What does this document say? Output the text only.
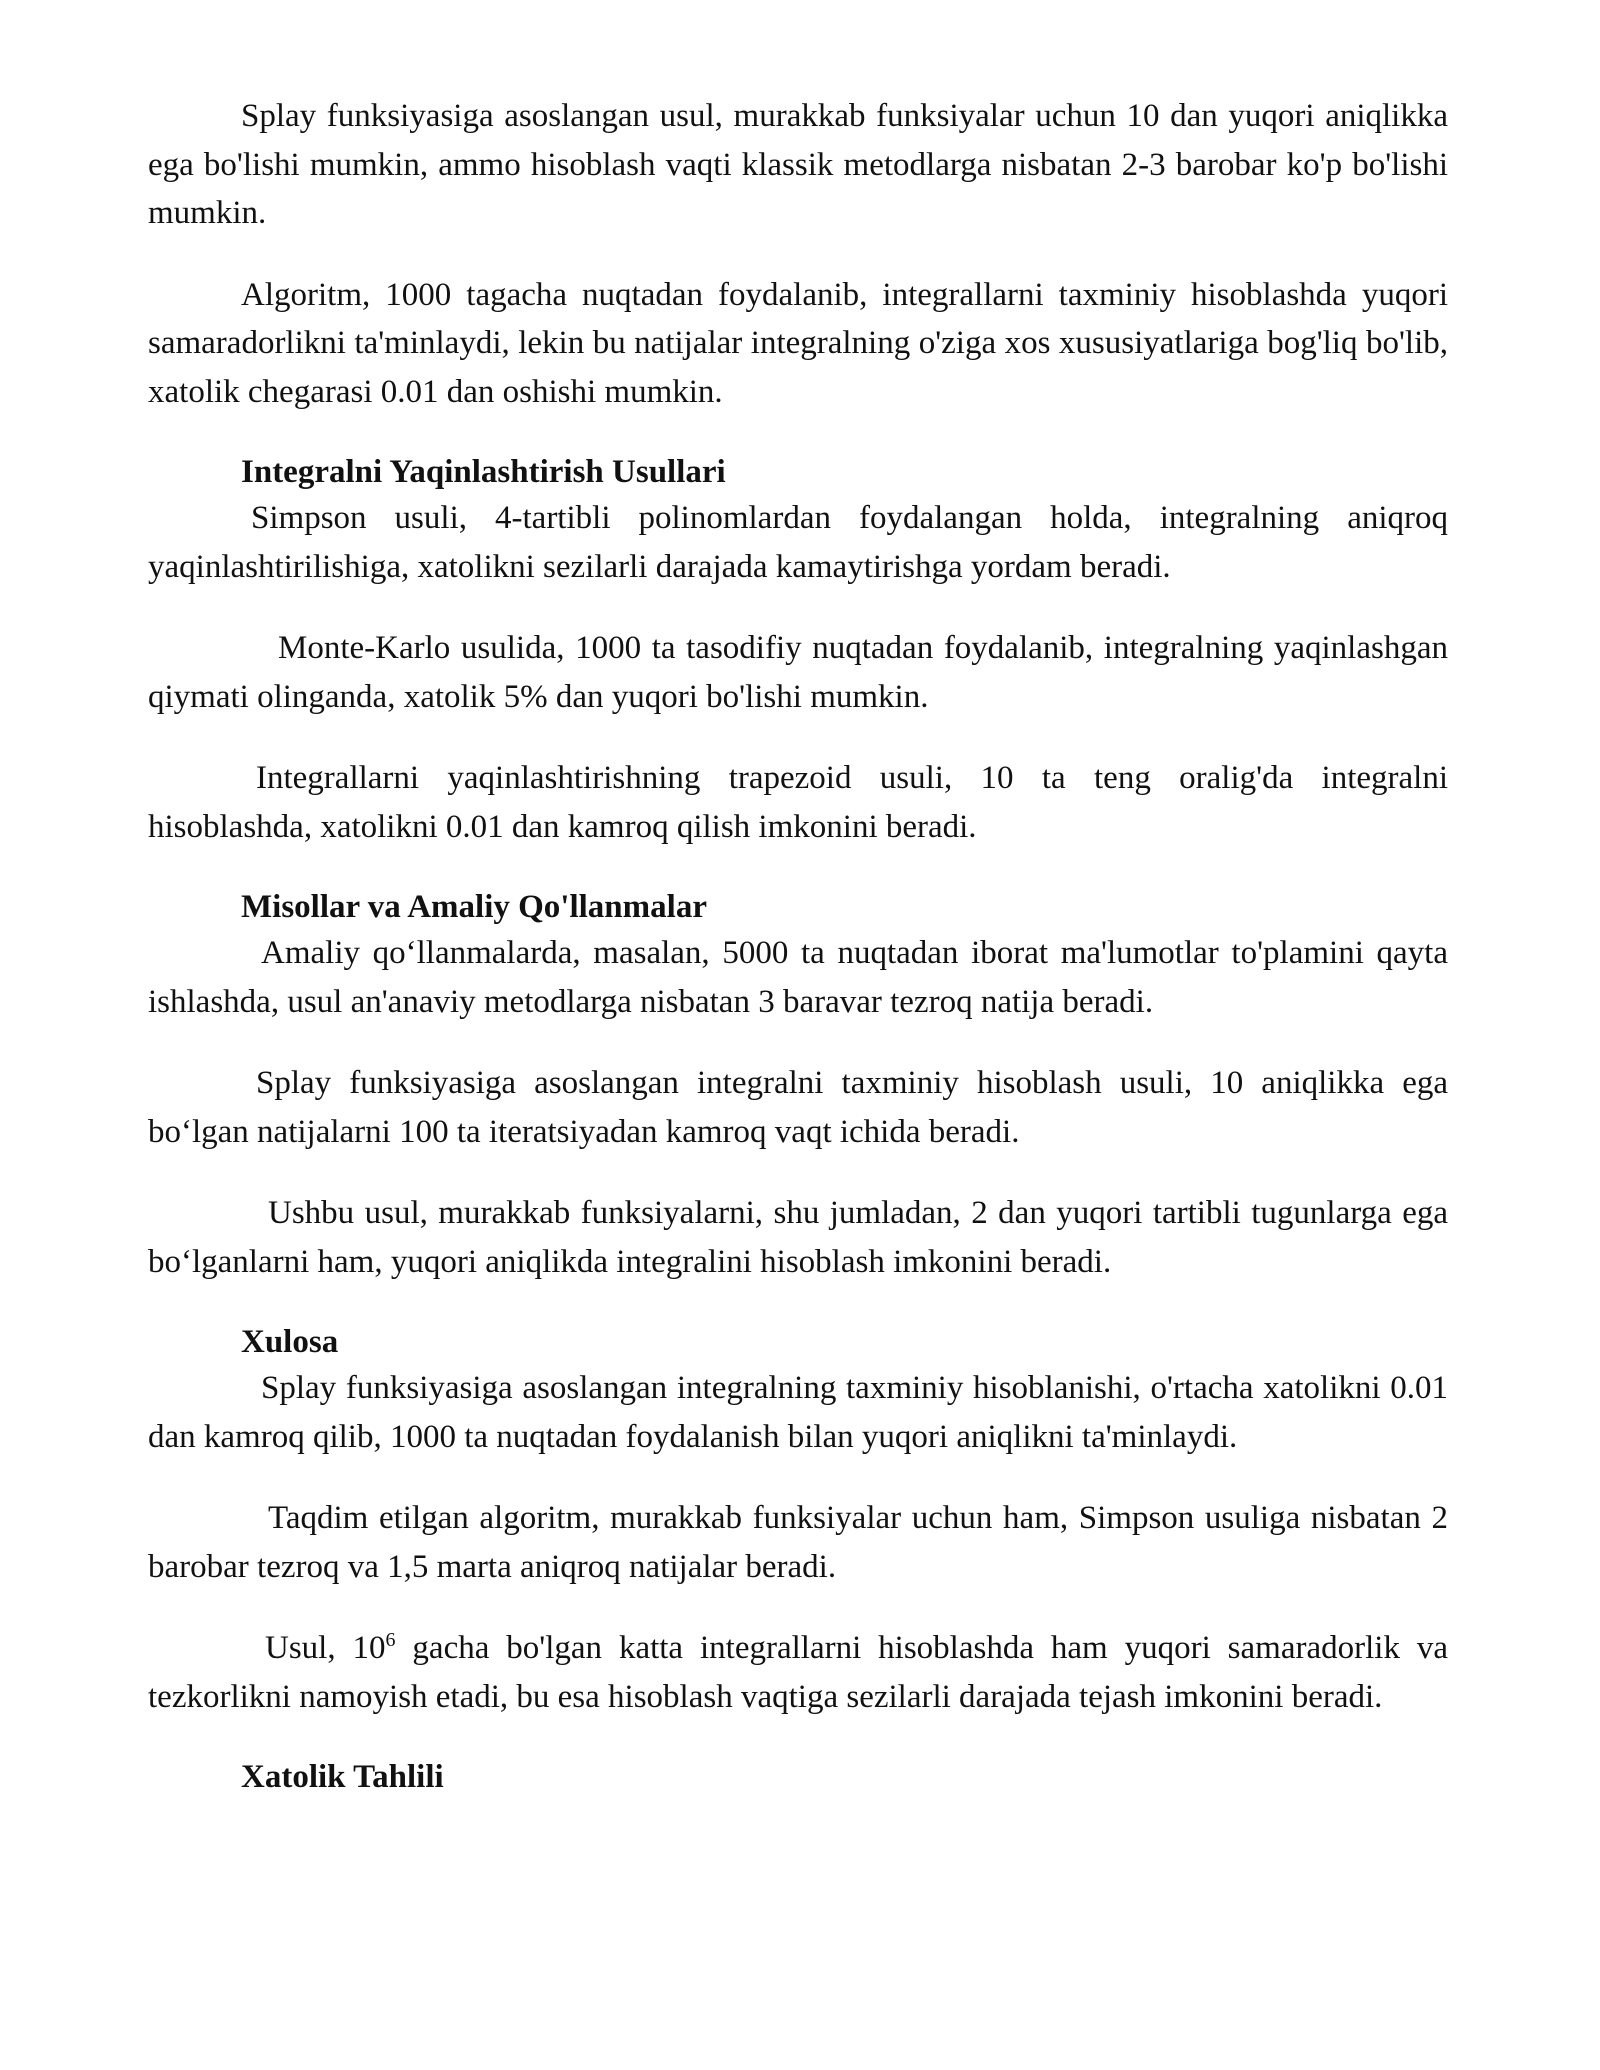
Splay funksiyasiga asoslangan usul, murakkab funksiyalar uchun 10 dan yuqori aniqlikka ega bo'lishi mumkin, ammo hisoblash vaqti klassik metodlarga nisbatan 2-3 barobar ko'p bo'lishi mumkin.

Algoritm, 1000 tagacha nuqtadan foydalanib, integrallarni taxminiy hisoblashda yuqori samaradorlikni ta'minlaydi, lekin bu natijalar integralning o'ziga xos xususiyatlariga bog'liq bo'lib, xatolik chegarasi 0.01 dan oshishi mumkin.

Integralni Yaqinlashtirish Usullari

Simpson usuli, 4-tartibli polinomlardan foydalangan holda, integralning aniqroq yaqinlashtirilishiga, xatolikni sezilarli darajada kamaytirishga yordam beradi.

Monte-Karlo usulida, 1000 ta tasodifiy nuqtadan foydalanib, integralning yaqinlashgan qiymati olinganda, xatolik 5% dan yuqori bo'lishi mumkin.

Integrallarni yaqinlashtirishning trapezoid usuli, 10 ta teng oralig'da integralni hisoblashda, xatolikni 0.01 dan kamroq qilish imkonini beradi.

Misollar va Amaliy Qo'llanmalar

Amaliy qo‘llanmalarda, masalan, 5000 ta nuqtadan iborat ma'lumotlar to'plamini qayta ishlashda, usul an'anaviy metodlarga nisbatan 3 baravar tezroq natija beradi.

Splay funksiyasiga asoslangan integralni taxminiy hisoblash usuli, 10 aniqlikka ega bo‘lgan natijalarni 100 ta iteratsiyadan kamroq vaqt ichida beradi.

Ushbu usul, murakkab funksiyalarni, shu jumladan, 2 dan yuqori tartibli tugunlarga ega bo‘lganlarni ham, yuqori aniqlikda integralini hisoblash imkonini beradi.

Xulosa

Splay funksiyasiga asoslangan integralning taxminiy hisoblanishi, o'rtacha xatolikni 0.01 dan kamroq qilib, 1000 ta nuqtadan foydalanish bilan yuqori aniqlikni ta'minlaydi.

Taqdim etilgan algoritm, murakkab funksiyalar uchun ham, Simpson usuliga nisbatan 2 barobar tezroq va 1,5 marta aniqroq natijalar beradi.

Usul, $10^6$ gacha bo'lgan katta integrallarni hisoblashda ham yuqori samaradorlik va tezkorlikni namoyish etadi, bu esa hisoblash vaqtiga sezilarli darajada tejash imkonini beradi.

Xatolik Tahlili
